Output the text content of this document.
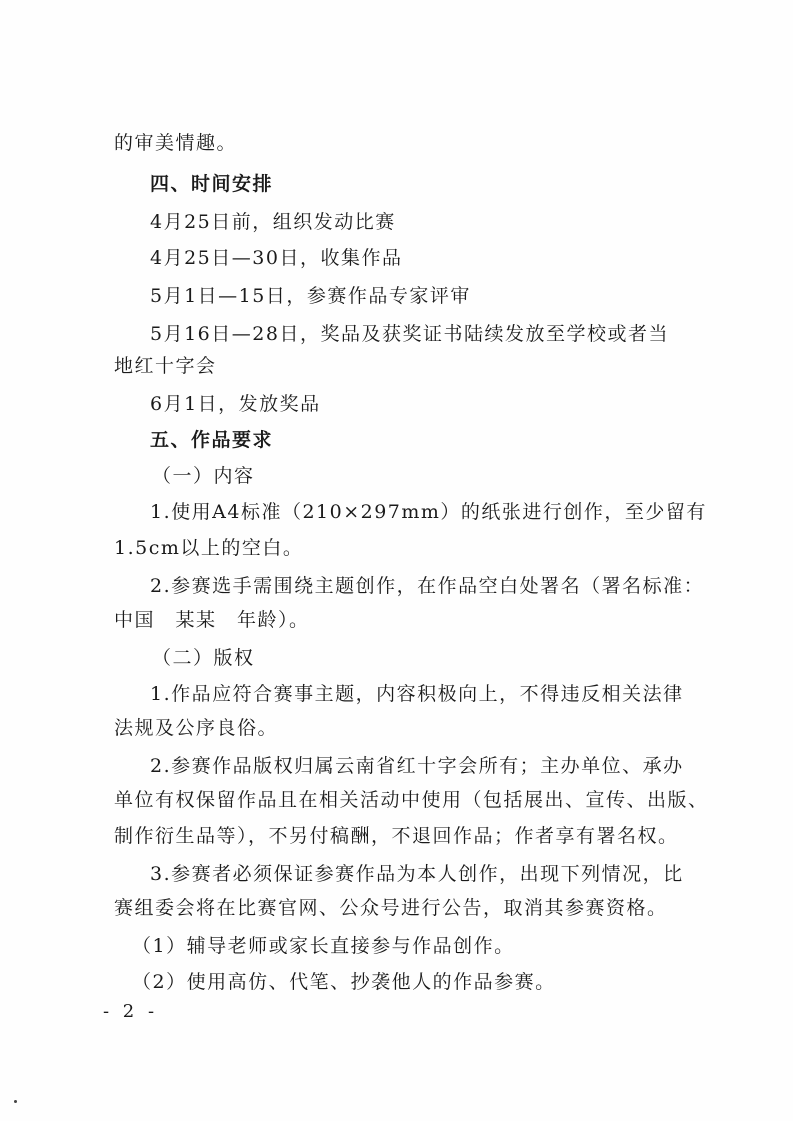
的审美情趣。
四、时间安排
4月25日前，组织发动比赛
4月25日—30日，收集作品
5月1日—15日，参赛作品专家评审
5月16日—28日，奖品及获奖证书陆续发放至学校或者当
地红十字会
6月1日，发放奖品
五、作品要求
（一）内容
1.使用A4标准（210×297mm）的纸张进行创作，至少留有
1.5cm以上的空白。
2.参赛选手需围绕主题创作，在作品空白处署名（署名标准：
中国　某某　年龄）。
（二）版权
1.作品应符合赛事主题，内容积极向上，不得违反相关法律
法规及公序良俗。
2.参赛作品版权归属云南省红十字会所有；主办单位、承办
单位有权保留作品且在相关活动中使用（包括展出、宣传、出版、
制作衍生品等），不另付稿酬，不退回作品；作者享有署名权。
3.参赛者必须保证参赛作品为本人创作，出现下列情况，比
赛组委会将在比赛官网、公众号进行公告，取消其参赛资格。
（1）辅导老师或家长直接参与作品创作。
（2）使用高仿、代笔、抄袭他人的作品参赛。
- 2 -
